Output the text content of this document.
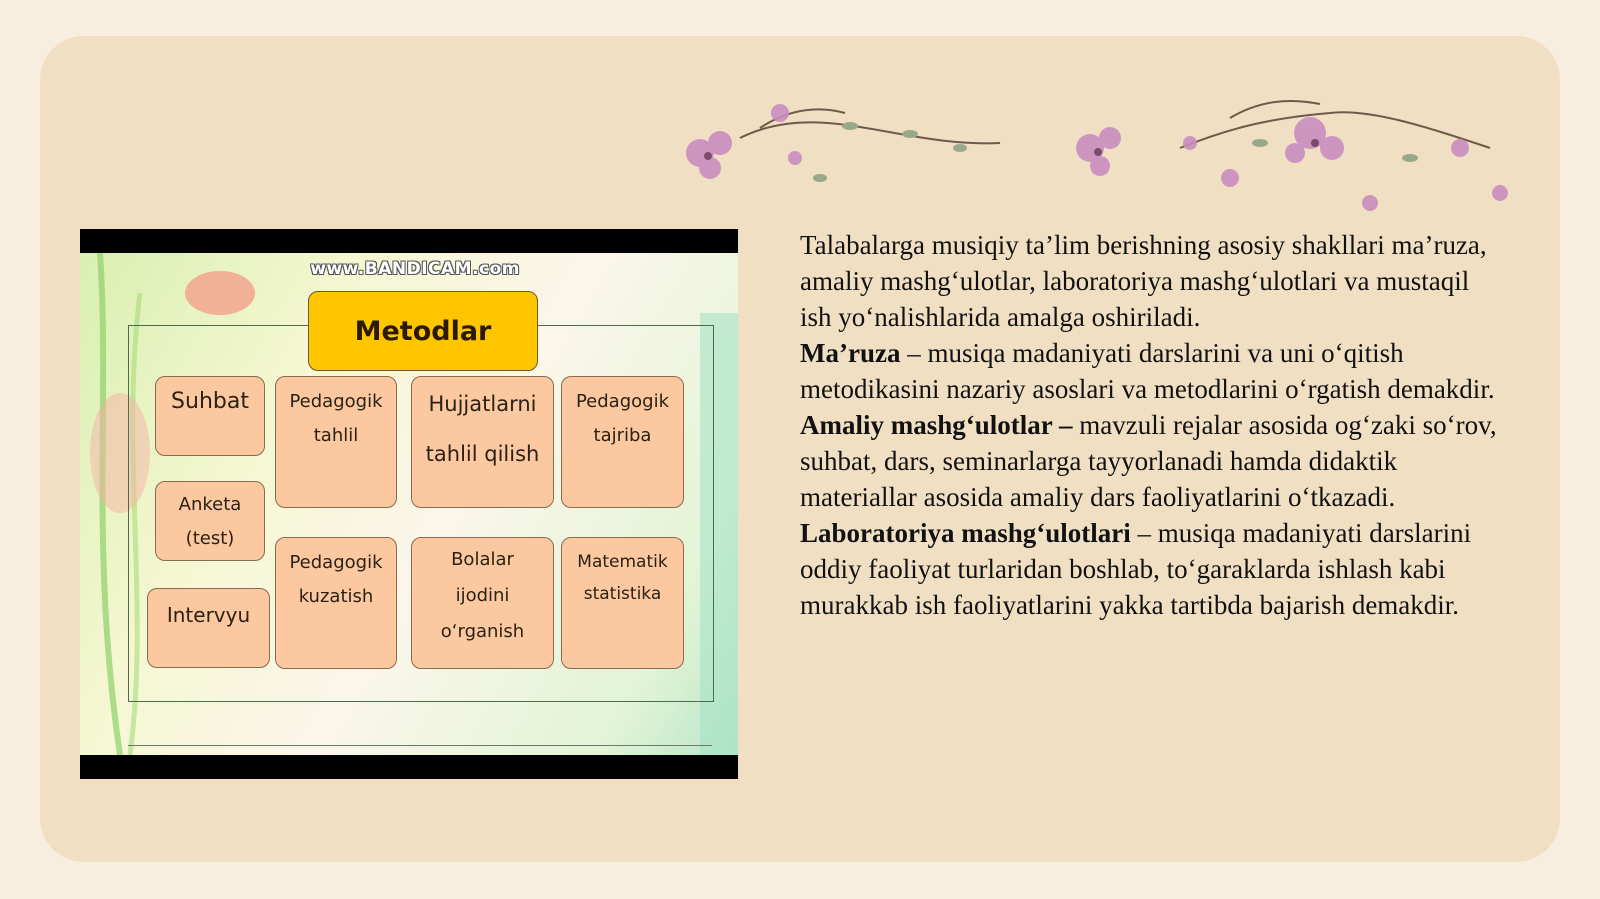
www.BANDICAM.com
Metodlar
Suhbat	Pedagogik
tahlil
Hujjatlarni
tahlil qilish
Pedagogik
tajriba
Anketa
(test)
Intervyu
Pedagogik
kuzatish
Bolalar
ijodini
o‘rganish
Matematik
statistika

Talabalarga musiqiy ta’lim berishning asosiy shakllari ma’ruza, amaliy mashg‘ulotlar, laboratoriya mashg‘ulotlari va mustaqil ish yo‘nalishlarida amalga oshiriladi.

Ma’ruza – musiqa madaniyati darslarini va uni o‘qitish metodikasini nazariy asoslari va metodlarini o‘rgatish demakdir.

Amaliy mashg‘ulotlar – mavzuli rejalar asosida og‘zaki so‘rov, suhbat, dars, seminarlarga tayyorlanadi hamda didaktik materiallar asosida amaliy dars faoliyatlarini o‘tkazadi.

Laboratoriya mashg‘ulotlari – musiqa madaniyati darslarini oddiy faoliyat turlaridan boshlab, to‘garaklarda ishlash kabi murakkab ish faoliyatlarini yakka tartibda bajarish demakdir.
